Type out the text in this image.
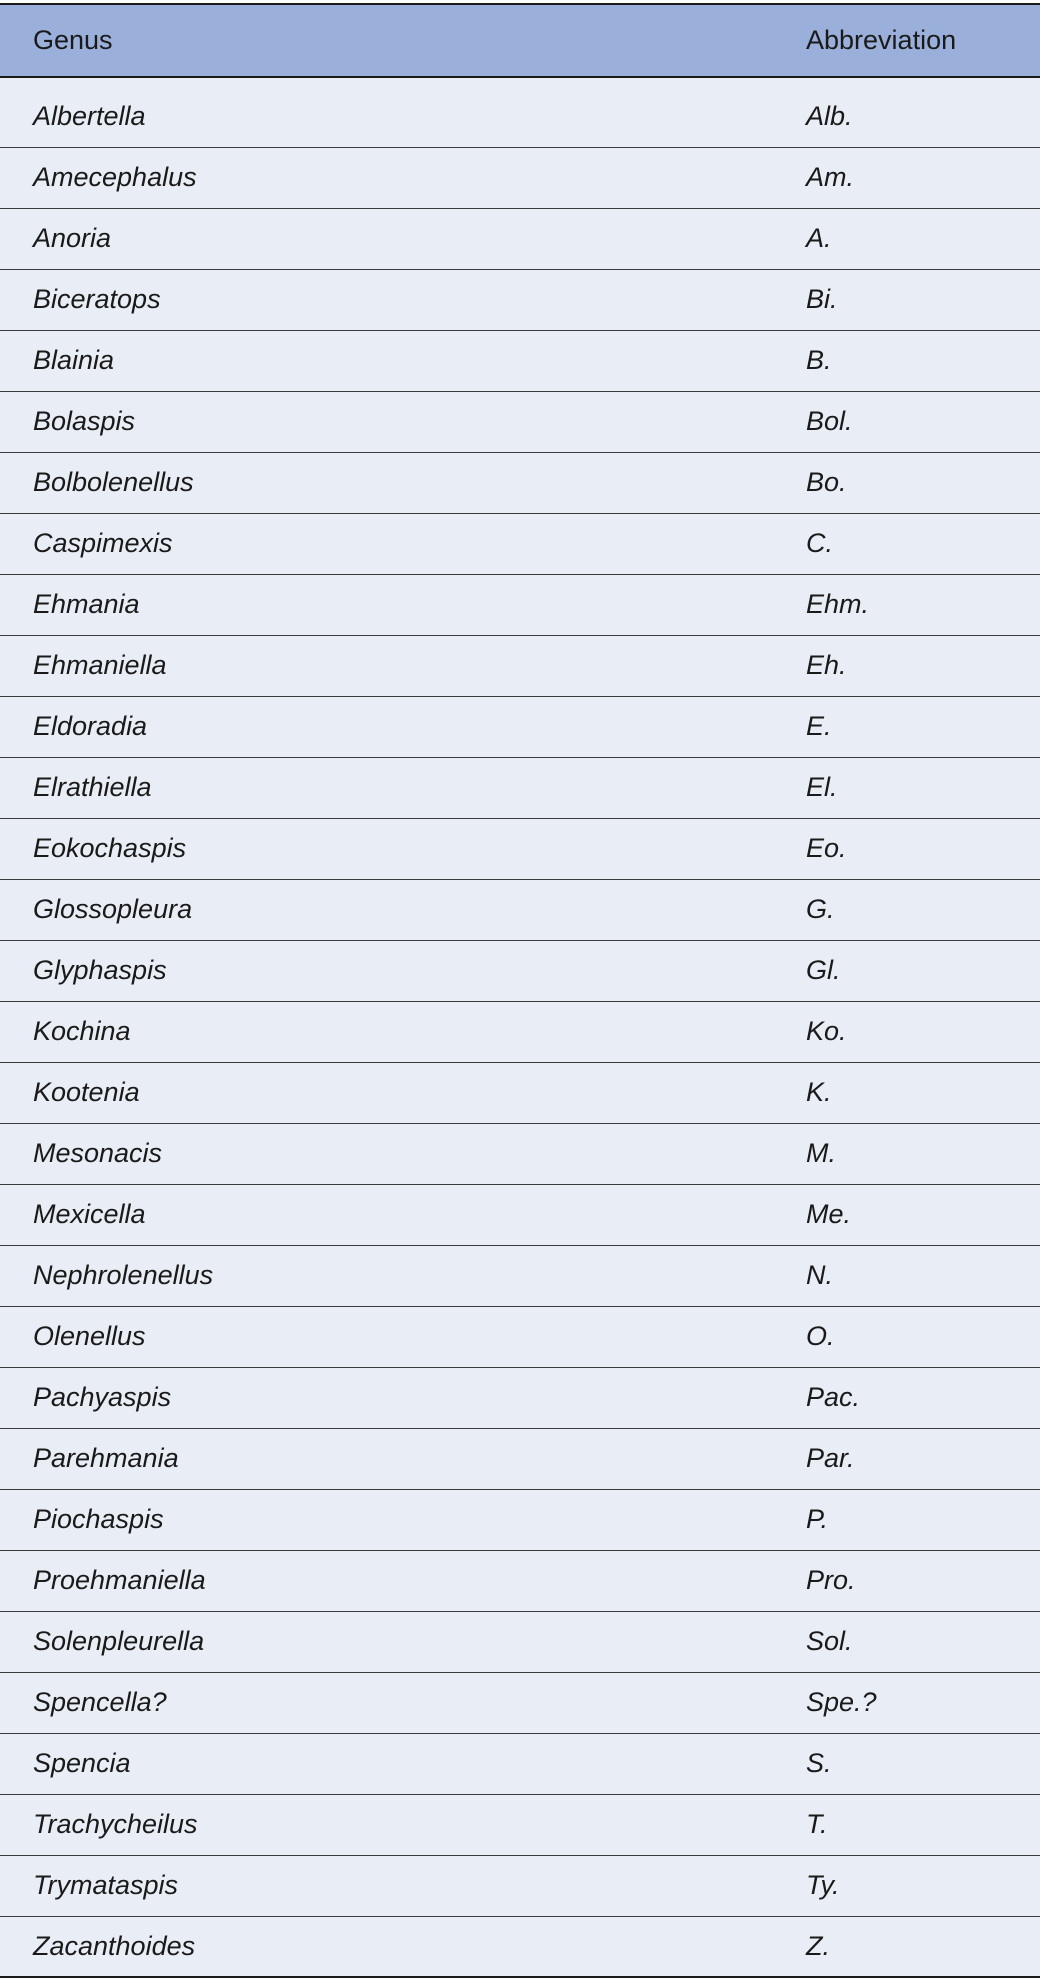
Genus	Abbreviation
Albertella	Alb.
Amecephalus	Am.
Anoria	A.
Biceratops	Bi.
Blainia	B.
Bolaspis	Bol.
Bolbolenellus	Bo.
Caspimexis	C.
Ehmania	Ehm.
Ehmaniella	Eh.
Eldoradia	E.
Elrathiella	El.
Eokochaspis	Eo.
Glossopleura	G.
Glyphaspis	Gl.
Kochina	Ko.
Kootenia	K.
Mesonacis	M.
Mexicella	Me.
Nephrolenellus	N.
Olenellus	O.
Pachyaspis	Pac.
Parehmania	Par.
Piochaspis	P.
Proehmaniella	Pro.
Solenpleurella	Sol.
Spencella?	Spe.?
Spencia	S.
Trachycheilus	T.
Trymataspis	Ty.
Zacanthoides	Z.
